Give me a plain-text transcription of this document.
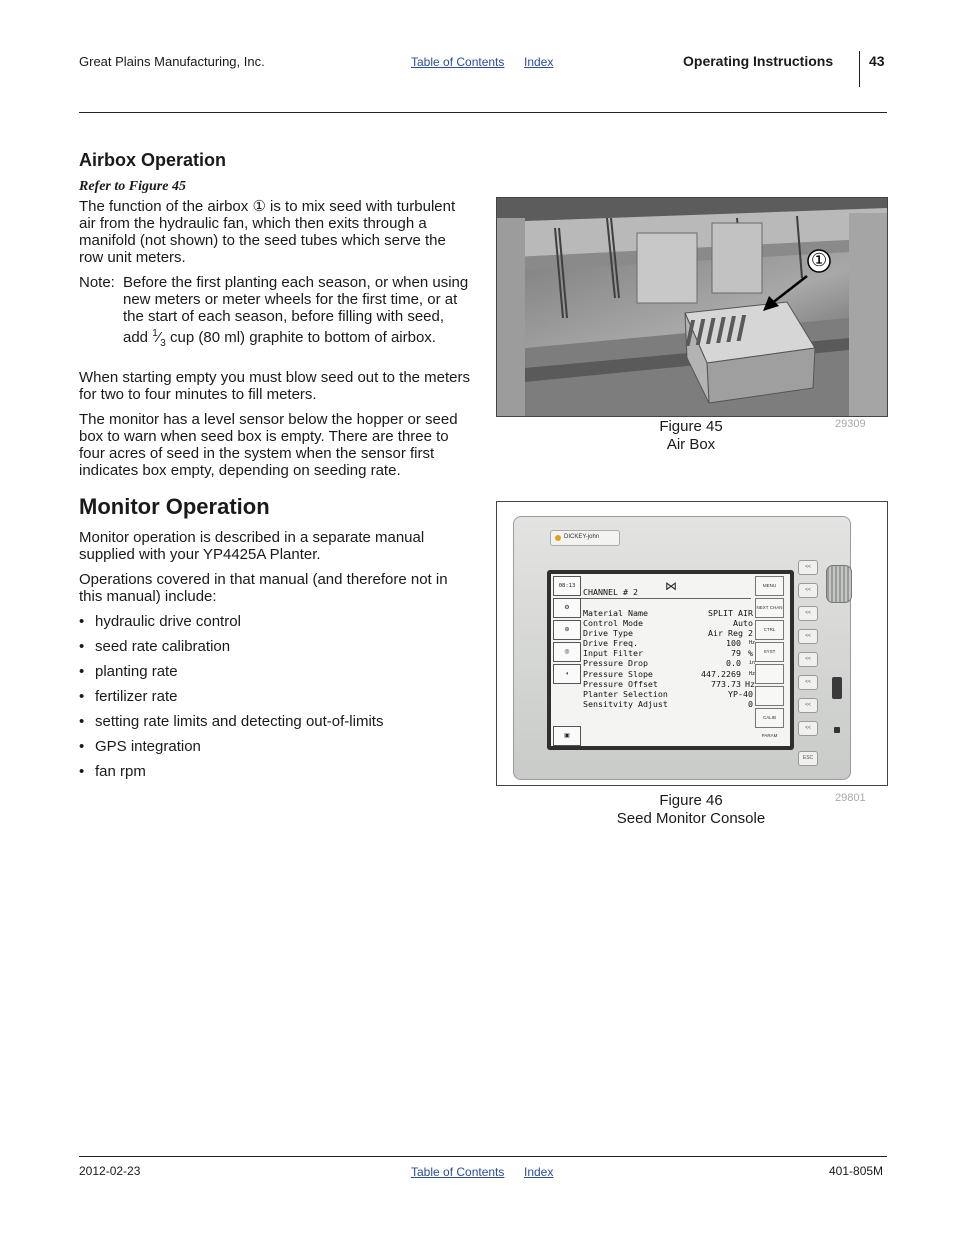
Great Plains Manufacturing, Inc.	Table of Contents Index	Operating Instructions	43
Airbox Operation
Refer to Figure 45

The function of the airbox ① is to mix seed with turbulent air from the hydraulic fan, which then exits through a manifold (not shown) to the seed tubes which serve the row unit meters.

Note: Before the first planting each season, or when using new meters or meter wheels for the first time, or at the start of each season, before filling with seed, add $^1⁄_3$ cup (80 ml) graphite to bottom of airbox.

When starting empty you must blow seed out to the meters for two to four minutes to fill meters.

The monitor has a level sensor below the hopper or seed box to warn when seed box is empty. There are three to four acres of seed in the system when the sensor first indicates box empty, depending on seeding rate.

①
Figure 45
Air Box
29309
Monitor Operation

Monitor operation is described in a separate manual supplied with your YP4425A Planter.

Operations covered in that manual (and therefore not in this manual) include:

• hydraulic drive control
• seed rate calibration
• planting rate
• fertilizer rate
• setting rate limits and detecting out-of-limits
• GPS integration
• fan rpm
DICKEY-john
08:13
⚙
⊛
◎
◖
▣
CHANNEL # 2 ⋈
Material Name	SPLIT AIR
Control Mode	Auto
Drive Type	Air Reg 2
Drive Freq.	100 Hz
Input Filter	79 %
Pressure Drop	0.0 in
Pressure Slope	447.2269 Hz
Pressure Offset	773.73 Hz
Planter Selection	YP-40
Sensitvity Adjust	0
MENU
NEXT CHAN
CTRL
SYST
CALIB PARAM
<<
<<
<<
<<
<<
<<
<<
<<
ESC
Figure 46
Seed Monitor Console
29801
2012-02-23	Table of Contents Index	401-805M
